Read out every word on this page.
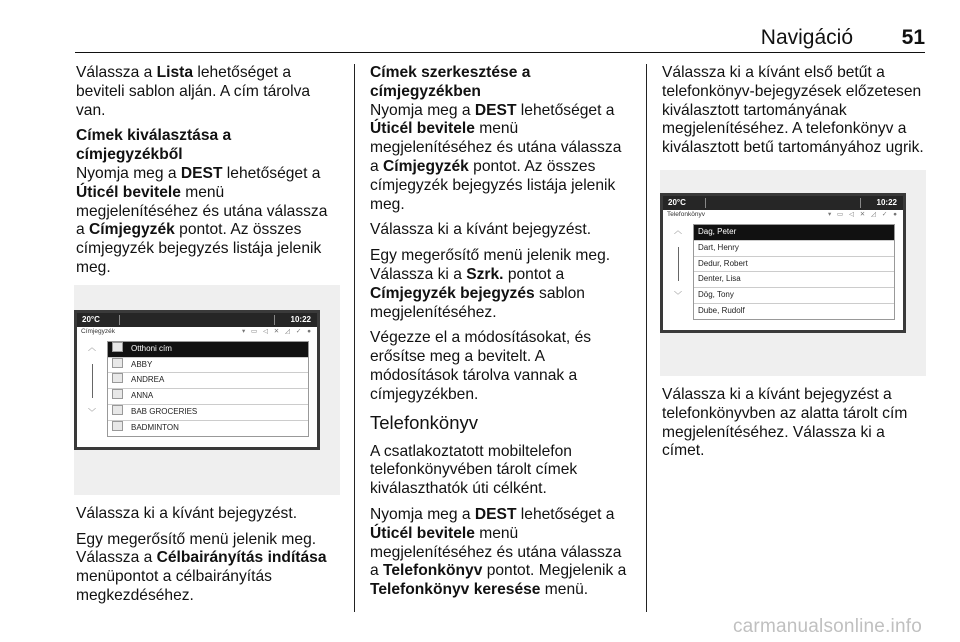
Navigáció 51

Válassza a Lista lehetőséget a beviteli sablon alján. A cím tárolva van.

Címek kiválasztása a címjegyzékből

Nyomja meg a DEST lehetőséget a Úticél bevitele menü megjelenítéséhez és utána válassza a Címjegyzék pontot. Az összes címjegyzék bejegyzés listája jelenik meg.

20°C	10:22
Címjegyzék	▾ ▭ ◁ ✕ ◿ ✓ ●
︿
﹀
Otthoni cím
ABBY
ANDREA
ANNA
BAB GROCERIES
BADMINTON

Válassza ki a kívánt bejegyzést.

Egy megerősítő menü jelenik meg. Válassza a Célbairányítás indítása menüpontot a célbairányítás megkezdéséhez.

Címek szerkesztése a címjegyzékben

Nyomja meg a DEST lehetőséget a Úticél bevitele menü megjelenítéséhez és utána válassza a Címjegyzék pontot. Az összes címjegyzék bejegyzés listája jelenik meg.

Válassza ki a kívánt bejegyzést.

Egy megerősítő menü jelenik meg. Válassza ki a Szrk. pontot a Címjegyzék bejegyzés sablon megjelenítéséhez.

Végezze el a módosításokat, és erősítse meg a bevitelt. A módosítások tárolva vannak a címjegyzékben.

Telefonkönyv

A csatlakoztatott mobiltelefon telefonkönyvében tárolt címek kiválaszthatók úti célként.

Nyomja meg a DEST lehetőséget a Úticél bevitele menü megjelenítéséhez és utána válassza a Telefonkönyv pontot. Megjelenik a Telefonkönyv keresése menü.

Válassza ki a kívánt első betűt a telefonkönyv-bejegyzések előzetesen kiválasztott tartományának megjelenítéséhez. A telefonkönyv a kiválasztott betű tartományához ugrik.

20°C	10:22
Telefonkönyv	▾ ▭ ◁ ✕ ◿ ✓ ●
︿
﹀
Dag, Peter
Dart, Henry
Dedur, Robert
Denter, Lisa
Dög, Tony
Dube, Rudolf

Válassza ki a kívánt bejegyzést a telefonkönyvben az alatta tárolt cím megjelenítéséhez. Válassza ki a címet.

carmanualsonline.info
